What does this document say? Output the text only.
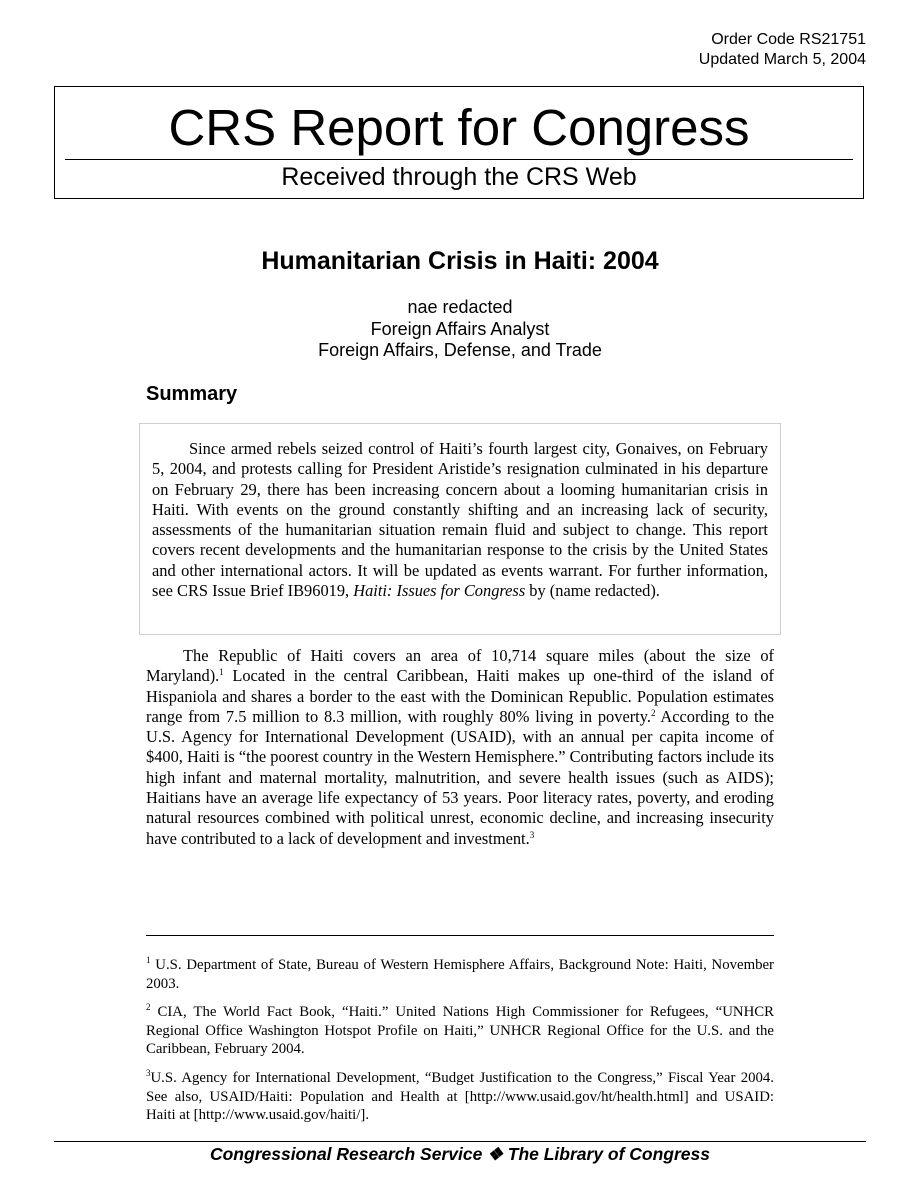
Order Code RS21751
Updated March 5, 2004
CRS Report for Congress
Received through the CRS Web
Humanitarian Crisis in Haiti: 2004
nae redacted
Foreign Affairs Analyst
Foreign Affairs, Defense, and Trade
Summary

Since armed rebels seized control of Haiti’s fourth largest city, Gonaives, on February 5, 2004, and protests calling for President Aristide’s resignation culminated in his departure on February 29, there has been increasing concern about a looming humanitarian crisis in Haiti. With events on the ground constantly shifting and an increasing lack of security, assessments of the humanitarian situation remain fluid and subject to change. This report covers recent developments and the humanitarian response to the crisis by the United States and other international actors. It will be updated as events warrant. For further information, see CRS Issue Brief IB96019, Haiti: Issues for Congress by (name redacted).

The Republic of Haiti covers an area of 10,714 square miles (about the size of Maryland).$^1$ Located in the central Caribbean, Haiti makes up one-third of the island of Hispaniola and shares a border to the east with the Dominican Republic. Population estimates range from 7.5 million to 8.3 million, with roughly 80% living in poverty.$^2$ According to the U.S. Agency for International Development (USAID), with an annual per capita income of $400, Haiti is “the poorest country in the Western Hemisphere.” Contributing factors include its high infant and maternal mortality, malnutrition, and severe health issues (such as AIDS); Haitians have an average life expectancy of 53 years. Poor literacy rates, poverty, and eroding natural resources combined with political unrest, economic decline, and increasing insecurity have contributed to a lack of development and investment.$^3$

$^1$ U.S. Department of State, Bureau of Western Hemisphere Affairs, Background Note: Haiti, November 2003.

$^2$ CIA, The World Fact Book, “Haiti.” United Nations High Commissioner for Refugees, “UNHCR Regional Office Washington Hotspot Profile on Haiti,” UNHCR Regional Office for the U.S. and the Caribbean, February 2004.

$^3$U.S. Agency for International Development, “Budget Justification to the Congress,” Fiscal Year 2004. See also, USAID/Haiti: Population and Health at [http://www.usaid.gov/ht/health.html] and USAID: Haiti at [http://www.usaid.gov/haiti/].

Congressional Research Service ❖ The Library of Congress
